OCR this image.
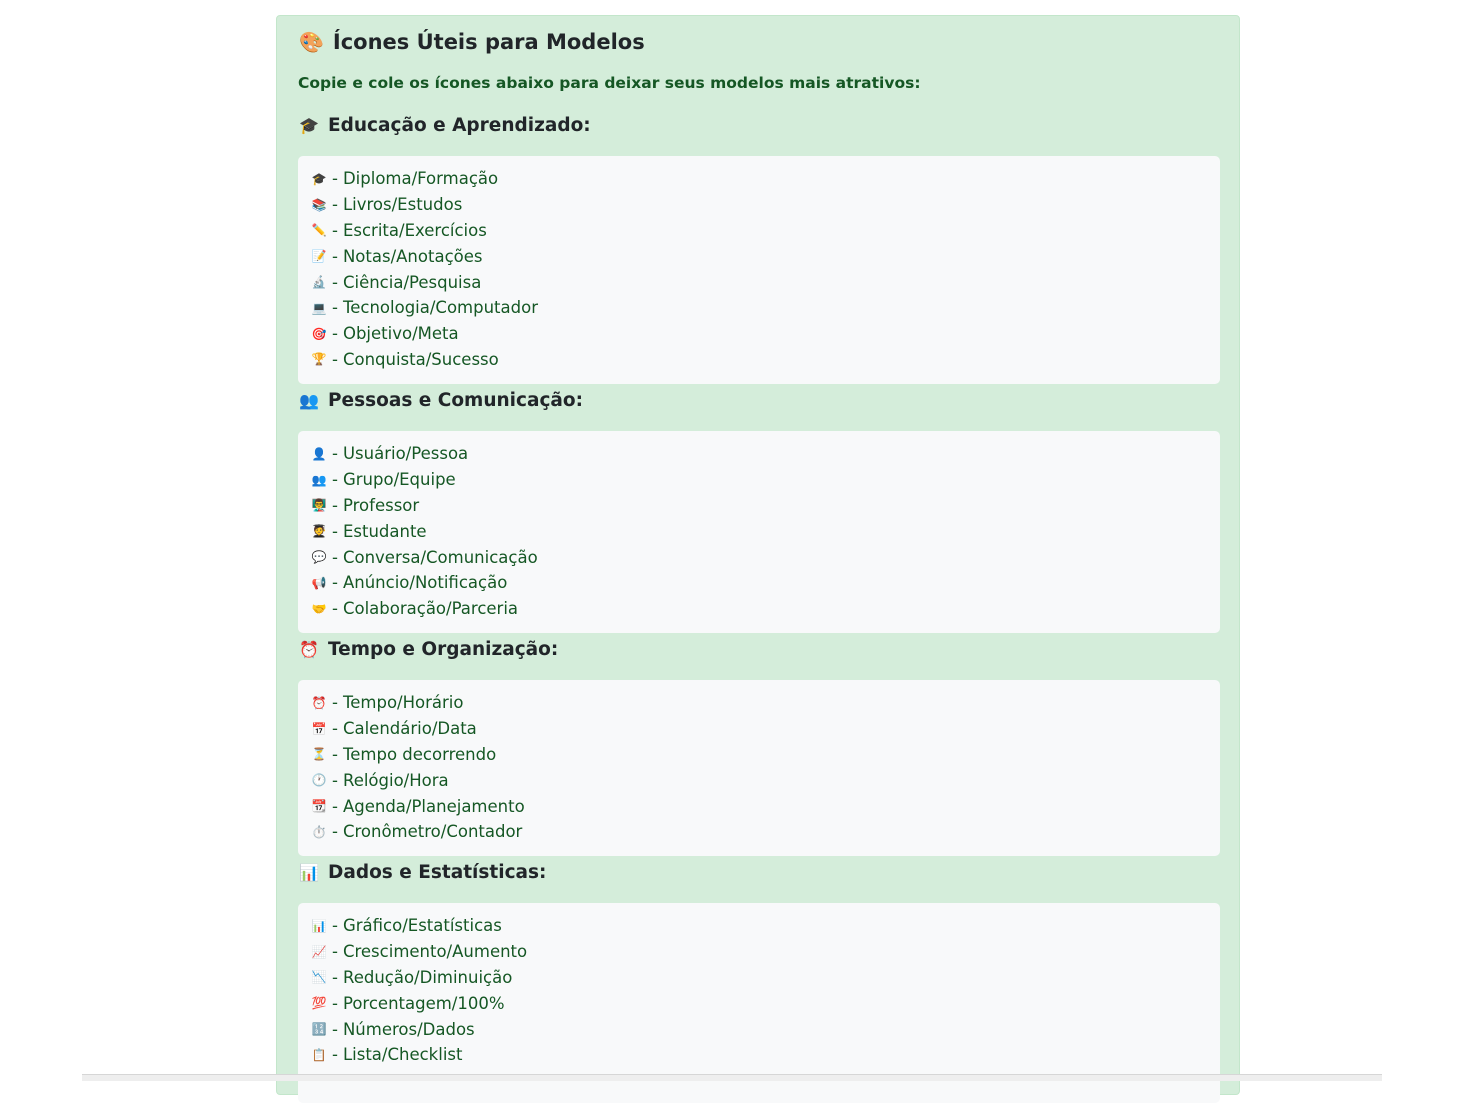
🎨 Ícones Úteis para Modelos
Copie e cole os ícones abaixo para deixar seus modelos mais atrativos:
🎓 Educação e Aprendizado:
🎓 - Diploma/Formação
📚 - Livros/Estudos
✏️ - Escrita/Exercícios
📝 - Notas/Anotações
🔬 - Ciência/Pesquisa
💻 - Tecnologia/Computador
🎯 - Objetivo/Meta
🏆 - Conquista/Sucesso
👥 Pessoas e Comunicação:
👤 - Usuário/Pessoa
👥 - Grupo/Equipe
👨‍🏫 - Professor
🧑‍🎓 - Estudante
💬 - Conversa/Comunicação
📢 - Anúncio/Notificação
🤝 - Colaboração/Parceria
⏰ Tempo e Organização:
⏰ - Tempo/Horário
📅 - Calendário/Data
⏳ - Tempo decorrendo
🕐 - Relógio/Hora
📆 - Agenda/Planejamento
⏱️ - Cronômetro/Contador
📊 Dados e Estatísticas:
📊 - Gráfico/Estatísticas
📈 - Crescimento/Aumento
📉 - Redução/Diminuição
💯 - Porcentagem/100%
🔢 - Números/Dados
📋 - Lista/Checklist
